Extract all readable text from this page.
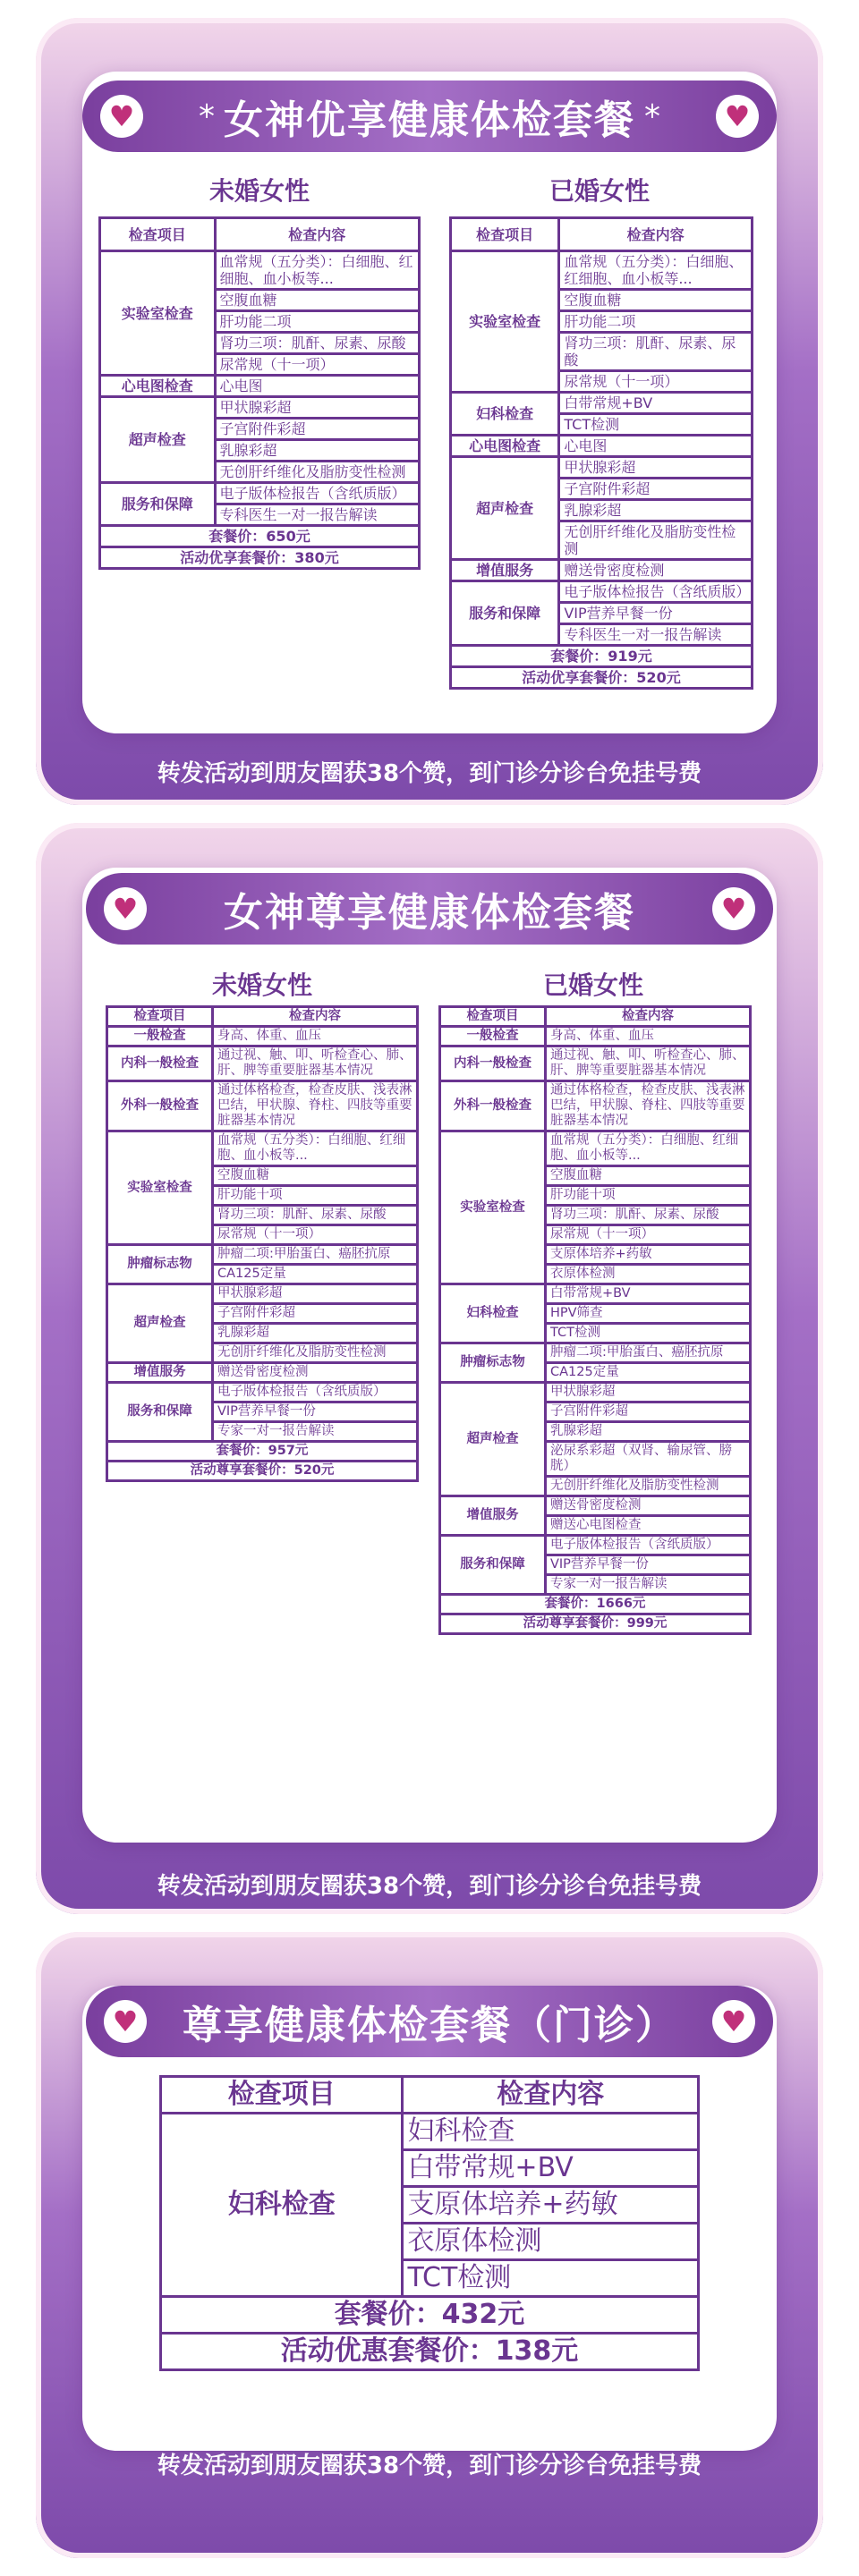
♥ * 女神优享健康体检套餐 *	♥
未婚女性	已婚女性
检查项目	检查内容
实验室检查	血常规（五分类）：白细胞、红细胞、血小板等...
	空腹血糖
	肝功能二项
	肾功三项：肌酐、尿素、尿酸
	尿常规（十一项）
心电图检查	心电图
超声检查	甲状腺彩超
	子宫附件彩超
	乳腺彩超
	无创肝纤维化及脂肪变性检测
服务和保障	电子版体检报告（含纸质版）
	专科医生一对一报告解读
套餐价：650元	
活动优享套餐价：380元	
检查项目	检查内容
实验室检查	血常规（五分类）：白细胞、红细胞、血小板等...
	空腹血糖
	肝功能二项
	肾功三项：肌酐、尿素、尿酸
	尿常规（十一项）
妇科检查	白带常规+BV
	TCT检测
心电图检查	心电图
超声检查	甲状腺彩超
	子宫附件彩超
	乳腺彩超
	无创肝纤维化及脂肪变性检测
增值服务	赠送骨密度检测
服务和保障	电子版体检报告（含纸质版）
	VIP营养早餐一份
	专科医生一对一报告解读
套餐价：919元	
活动优享套餐价：520元	
转发活动到朋友圈获38个赞，到门诊分诊台免挂号费
♥ 女神尊享健康体检套餐	♥
未婚女性	已婚女性
检查项目	检查内容
一般检查	身高、体重、血压
内科一般检查	通过视、触、叩、听检查心、肺、肝、脾等重要脏器基本情况
外科一般检查	通过体格检查，检查皮肤、浅表淋巴结，甲状腺、脊柱、四肢等重要脏器基本情况
实验室检查	血常规（五分类）：白细胞、红细胞、血小板等...
	空腹血糖
	肝功能十项
	肾功三项：肌酐、尿素、尿酸
	尿常规（十一项）
肿瘤标志物	肿瘤二项:甲胎蛋白、癌胚抗原
	CA125定量
超声检查	甲状腺彩超
	子宫附件彩超
	乳腺彩超
	无创肝纤维化及脂肪变性检测
增值服务	赠送骨密度检测
服务和保障	电子版体检报告（含纸质版）
	VIP营养早餐一份
	专家一对一报告解读
套餐价：957元	
活动尊享套餐价：520元	
检查项目	检查内容
一般检查	身高、体重、血压
内科一般检查	通过视、触、叩、听检查心、肺、肝、脾等重要脏器基本情况
外科一般检查	通过体格检查，检查皮肤、浅表淋巴结，甲状腺、脊柱、四肢等重要脏器基本情况
实验室检查	血常规（五分类）：白细胞、红细胞、血小板等...
	空腹血糖
	肝功能十项
	肾功三项：肌酐、尿素、尿酸
	尿常规（十一项）
	支原体培养+药敏
	衣原体检测
妇科检查	白带常规+BV
	HPV筛查
	TCT检测
肿瘤标志物	肿瘤二项:甲胎蛋白、癌胚抗原
	CA125定量
超声检查	甲状腺彩超
	子宫附件彩超
	乳腺彩超
	泌尿系彩超（双肾、输尿管、膀胱）
	无创肝纤维化及脂肪变性检测
增值服务	赠送骨密度检测
	赠送心电图检查
服务和保障	电子版体检报告（含纸质版）
	VIP营养早餐一份
	专家一对一报告解读
套餐价：1666元	
活动尊享套餐价：999元	
转发活动到朋友圈获38个赞，到门诊分诊台免挂号费
♥ 尊享健康体检套餐（门诊）	♥
检查项目	检查内容
妇科检查	妇科检查
	白带常规+BV
	支原体培养+药敏
	衣原体检测
	TCT检测
套餐价：432元	
活动优惠套餐价：138元	
转发活动到朋友圈获38个赞，到门诊分诊台免挂号费
